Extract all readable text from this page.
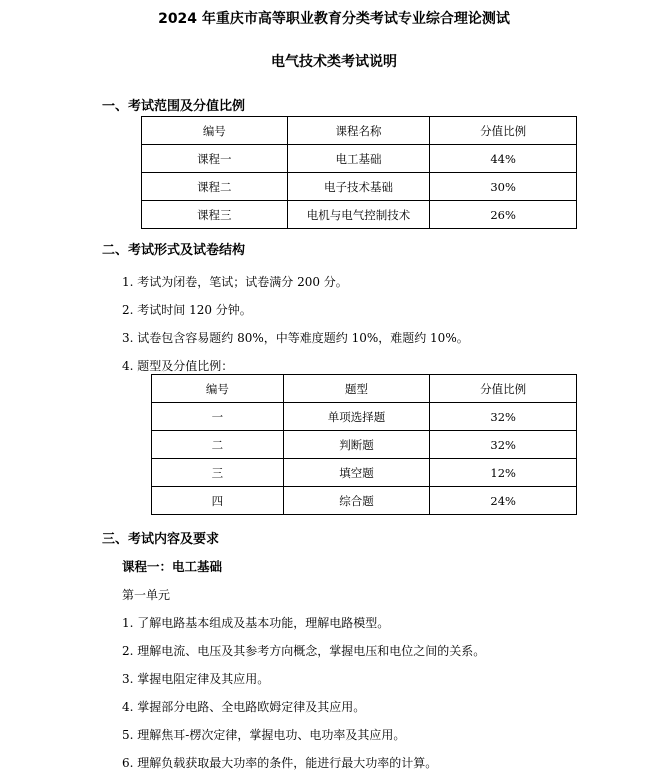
2024 年重庆市高等职业教育分类考试专业综合理论测试
电气技术类考试说明
一、考试范围及分值比例
编号	课程名称	分值比例
课程一	电工基础	44%
课程二	电子技术基础	30%
课程三	电机与电气控制技术	26%
二、考试形式及试卷结构
1. 考试为闭卷，笔试；试卷满分 200 分。
2. 考试时间 120 分钟。
3. 试卷包含容易题约 80%，中等难度题约 10%，难题约 10%。
4. 题型及分值比例：
编号	题型	分值比例
一	单项选择题	32%
二	判断题	32%
三	填空题	12%
四	综合题	24%
三、考试内容及要求
课程一：电工基础
第一单元
1. 了解电路基本组成及基本功能，理解电路模型。
2. 理解电流、电压及其参考方向概念，掌握电压和电位之间的关系。
3. 掌握电阻定律及其应用。
4. 掌握部分电路、全电路欧姆定律及其应用。
5. 理解焦耳-楞次定律，掌握电功、电功率及其应用。
6. 理解负载获取最大功率的条件，能进行最大功率的计算。
